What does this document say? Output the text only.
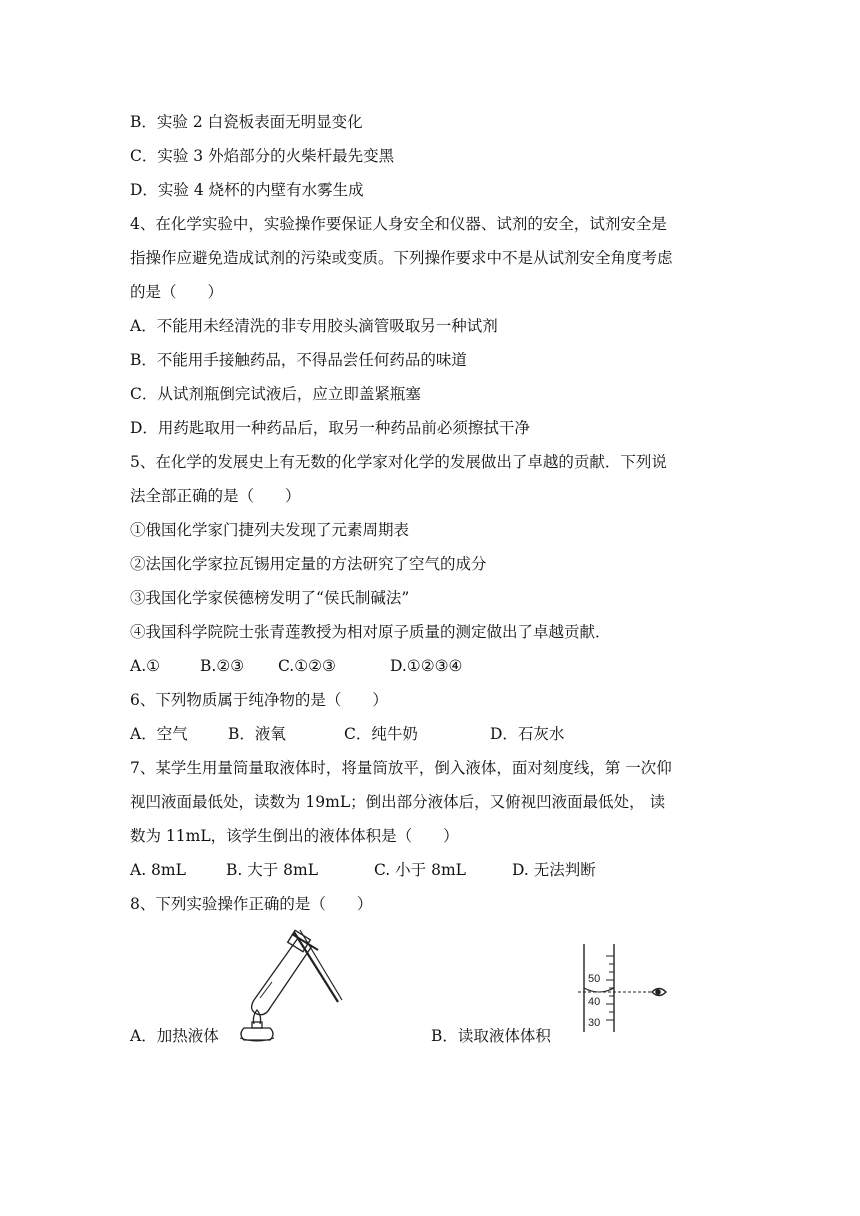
B．实验 2 白瓷板表面无明显变化
C．实验 3 外焰部分的火柴杆最先变黑
D．实验 4 烧杯的内壁有水雾生成
4、在化学实验中，实验操作要保证人身安全和仪器、试剂的安全，试剂安全是
指操作应避免造成试剂的污染或变质。下列操作要求中不是从试剂安全角度考虑
的是（　　）
A．不能用未经清洗的非专用胶头滴管吸取另一种试剂
B．不能用手接触药品，不得品尝任何药品的味道
C．从试剂瓶倒完试液后，应立即盖紧瓶塞
D．用药匙取用一种药品后，取另一种药品前必须擦拭干净
5、在化学的发展史上有无数的化学家对化学的发展做出了卓越的贡献．下列说
法全部正确的是（　　）
①俄国化学家门捷列夫发现了元素周期表
②法国化学家拉瓦锡用定量的方法研究了空气的成分
③我国化学家侯德榜发明了“侯氏制碱法”
④我国科学院院士张青莲教授为相对原子质量的测定做出了卓越贡献．
A.①	B.②③ C.①②③	D.①②③④
6、下列物质属于纯净物的是（　　）
A．空气	B．液氧	C．纯牛奶	D．石灰水
7、某学生用量筒量取液体时，将量筒放平，倒入液体，面对刻度线，第 一次仰
视凹液面最低处，读数为 19mL；倒出部分液体后，又俯视凹液面最低处， 读
数为 11mL，该学生倒出的液体体积是（　　）
A. 8mL	B. 大于 8mL	C. 小于 8mL	D. 无法判断
8、下列实验操作正确的是（　　）
A．加热液体	B．读取液体体积
50
40
30
